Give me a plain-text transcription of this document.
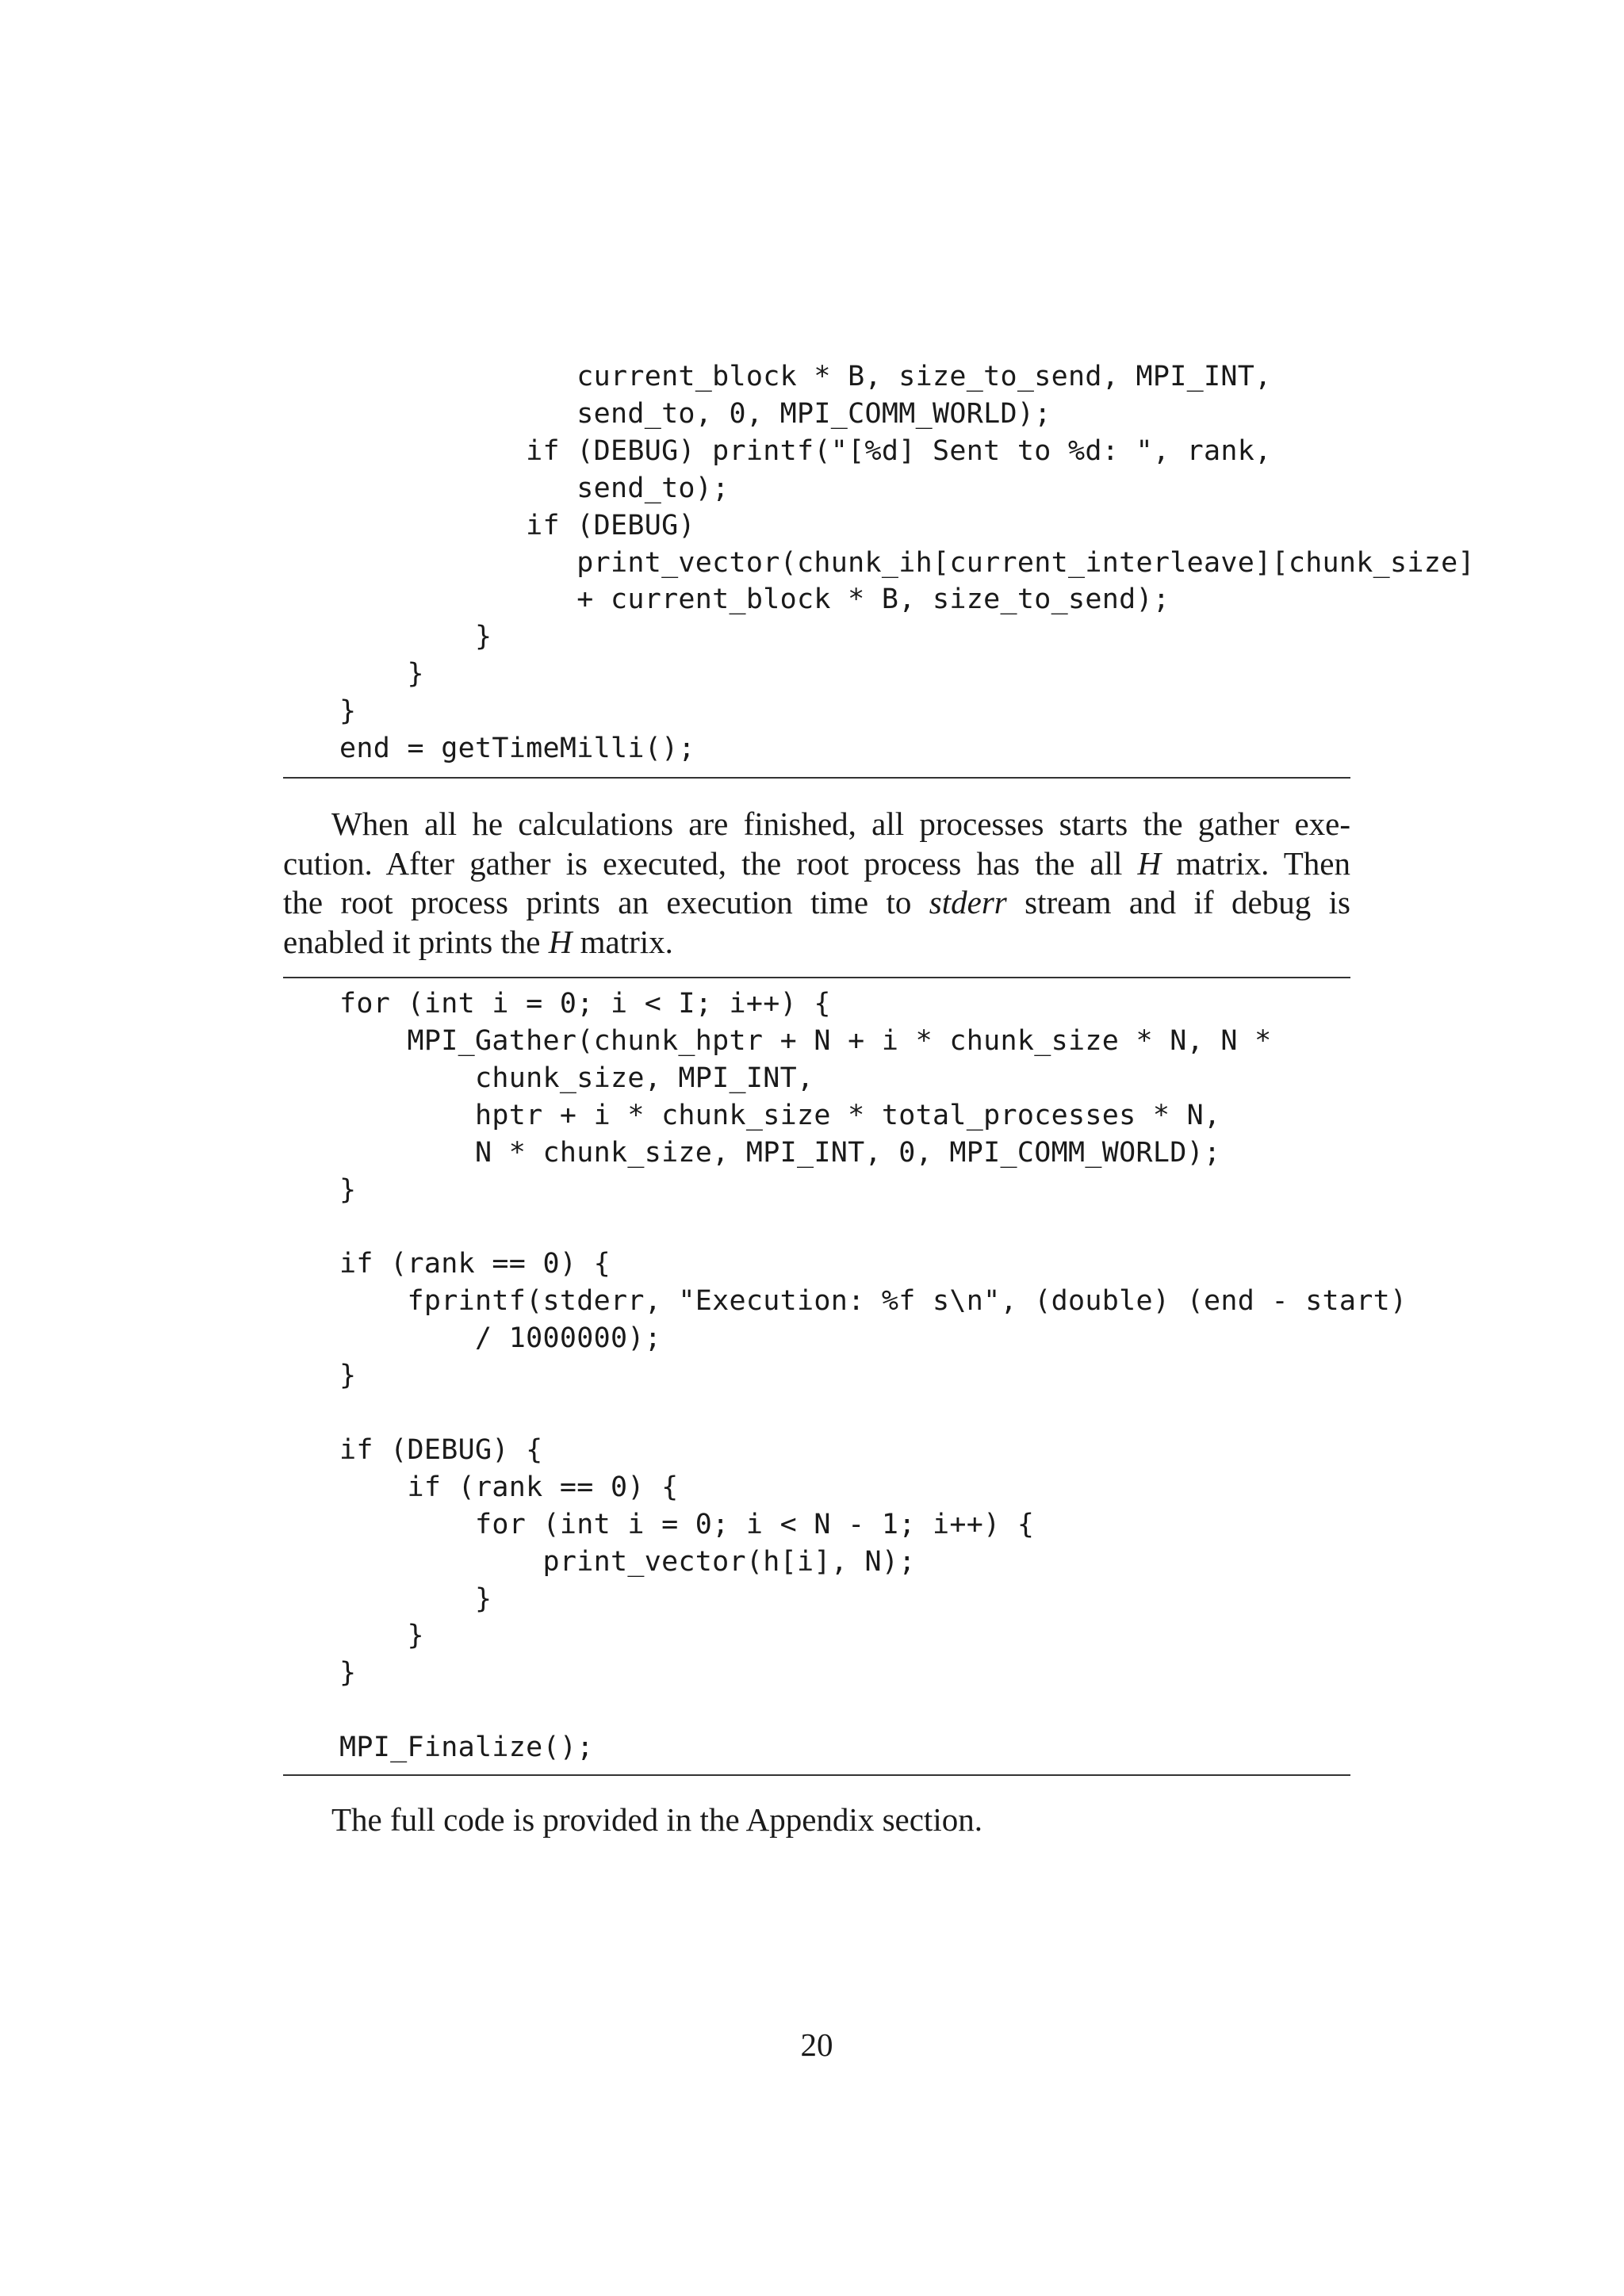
current_block * B, size_to_send, MPI_INT,
send_to, 0, MPI_COMM_WORLD);
if (DEBUG) printf("[%d] Sent to %d: ", rank,
send_to);
if (DEBUG)
print_vector(chunk_ih[current_interleave][chunk_size]
+ current_block * B, size_to_send);
}
}
}
end = getTimeMilli();

When all he calculations are finished, all processes starts the gather exe-
cution. After gather is executed, the root process has the all H matrix. Then
the root process prints an execution time to stderr stream and if debug is
enabled it prints the H matrix.

for (int i = 0; i < I; i++) {
MPI_Gather(chunk_hptr + N + i * chunk_size * N, N *
chunk_size, MPI_INT,
hptr + i * chunk_size * total_processes * N,
N * chunk_size, MPI_INT, 0, MPI_COMM_WORLD);
}

if (rank == 0) {
fprintf(stderr, "Execution: %f s\n", (double) (end - start)
/ 1000000);
}

if (DEBUG) {
if (rank == 0) {
for (int i = 0; i < N - 1; i++) {
print_vector(h[i], N);
}
}
}

MPI_Finalize();

The full code is provided in the Appendix section.

20
